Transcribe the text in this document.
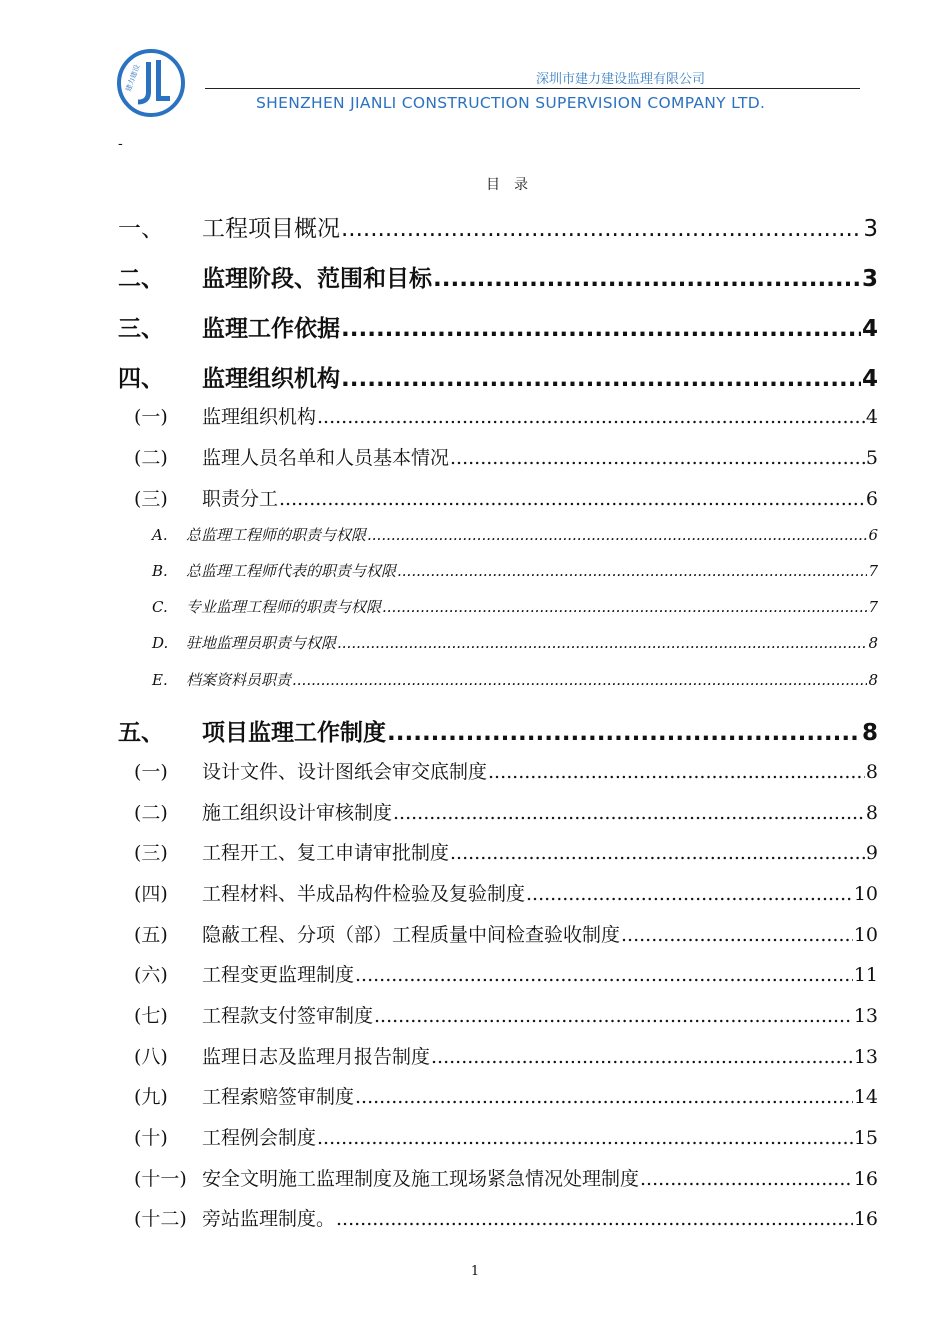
建力建设	深圳市建力建设监理有限公司
SHENZHEN JIANLI CONSTRUCTION SUPERVISION COMPANY LTD.
-
目录
一、	工程项目概况 .....	3
二、	监理阶段、范围和目标 .....	3
三、	监理工作依据 .....	4
四、	监理组织机构 .....	4
(一)	监理组织机构 .....	4
(二)	监理人员名单和人员基本情况 .....	5
(三)	职责分工 .....	6
A.	总监理工程师的职责与权限 .....	6
B.	总监理工程师代表的职责与权限 .....	7
C.	专业监理工程师的职责与权限 .....	7
D.	驻地监理员职责与权限 .....	8
E.	档案资料员职责 .....	8
五、	项目监理工作制度 .....	8
(一)	设计文件、设计图纸会审交底制度 .....	8
(二)	施工组织设计审核制度 .....	8
(三)	工程开工、复工申请审批制度 .....	9
(四)	工程材料、半成品构件检验及复验制度 .....	10
(五)	隐蔽工程、分项（部）工程质量中间检查验收制度 .....	10
(六)	工程变更监理制度 .....	11
(七)	工程款支付签审制度 .....	13
(八)	监理日志及监理月报告制度 .....	13
(九)	工程索赔签审制度 .....	14
(十)	工程例会制度 .....	15
(十一) 安全文明施工监理制度及施工现场紧急情况处理制度 .....	16
(十二) 旁站监理制度。 .....	16
1
